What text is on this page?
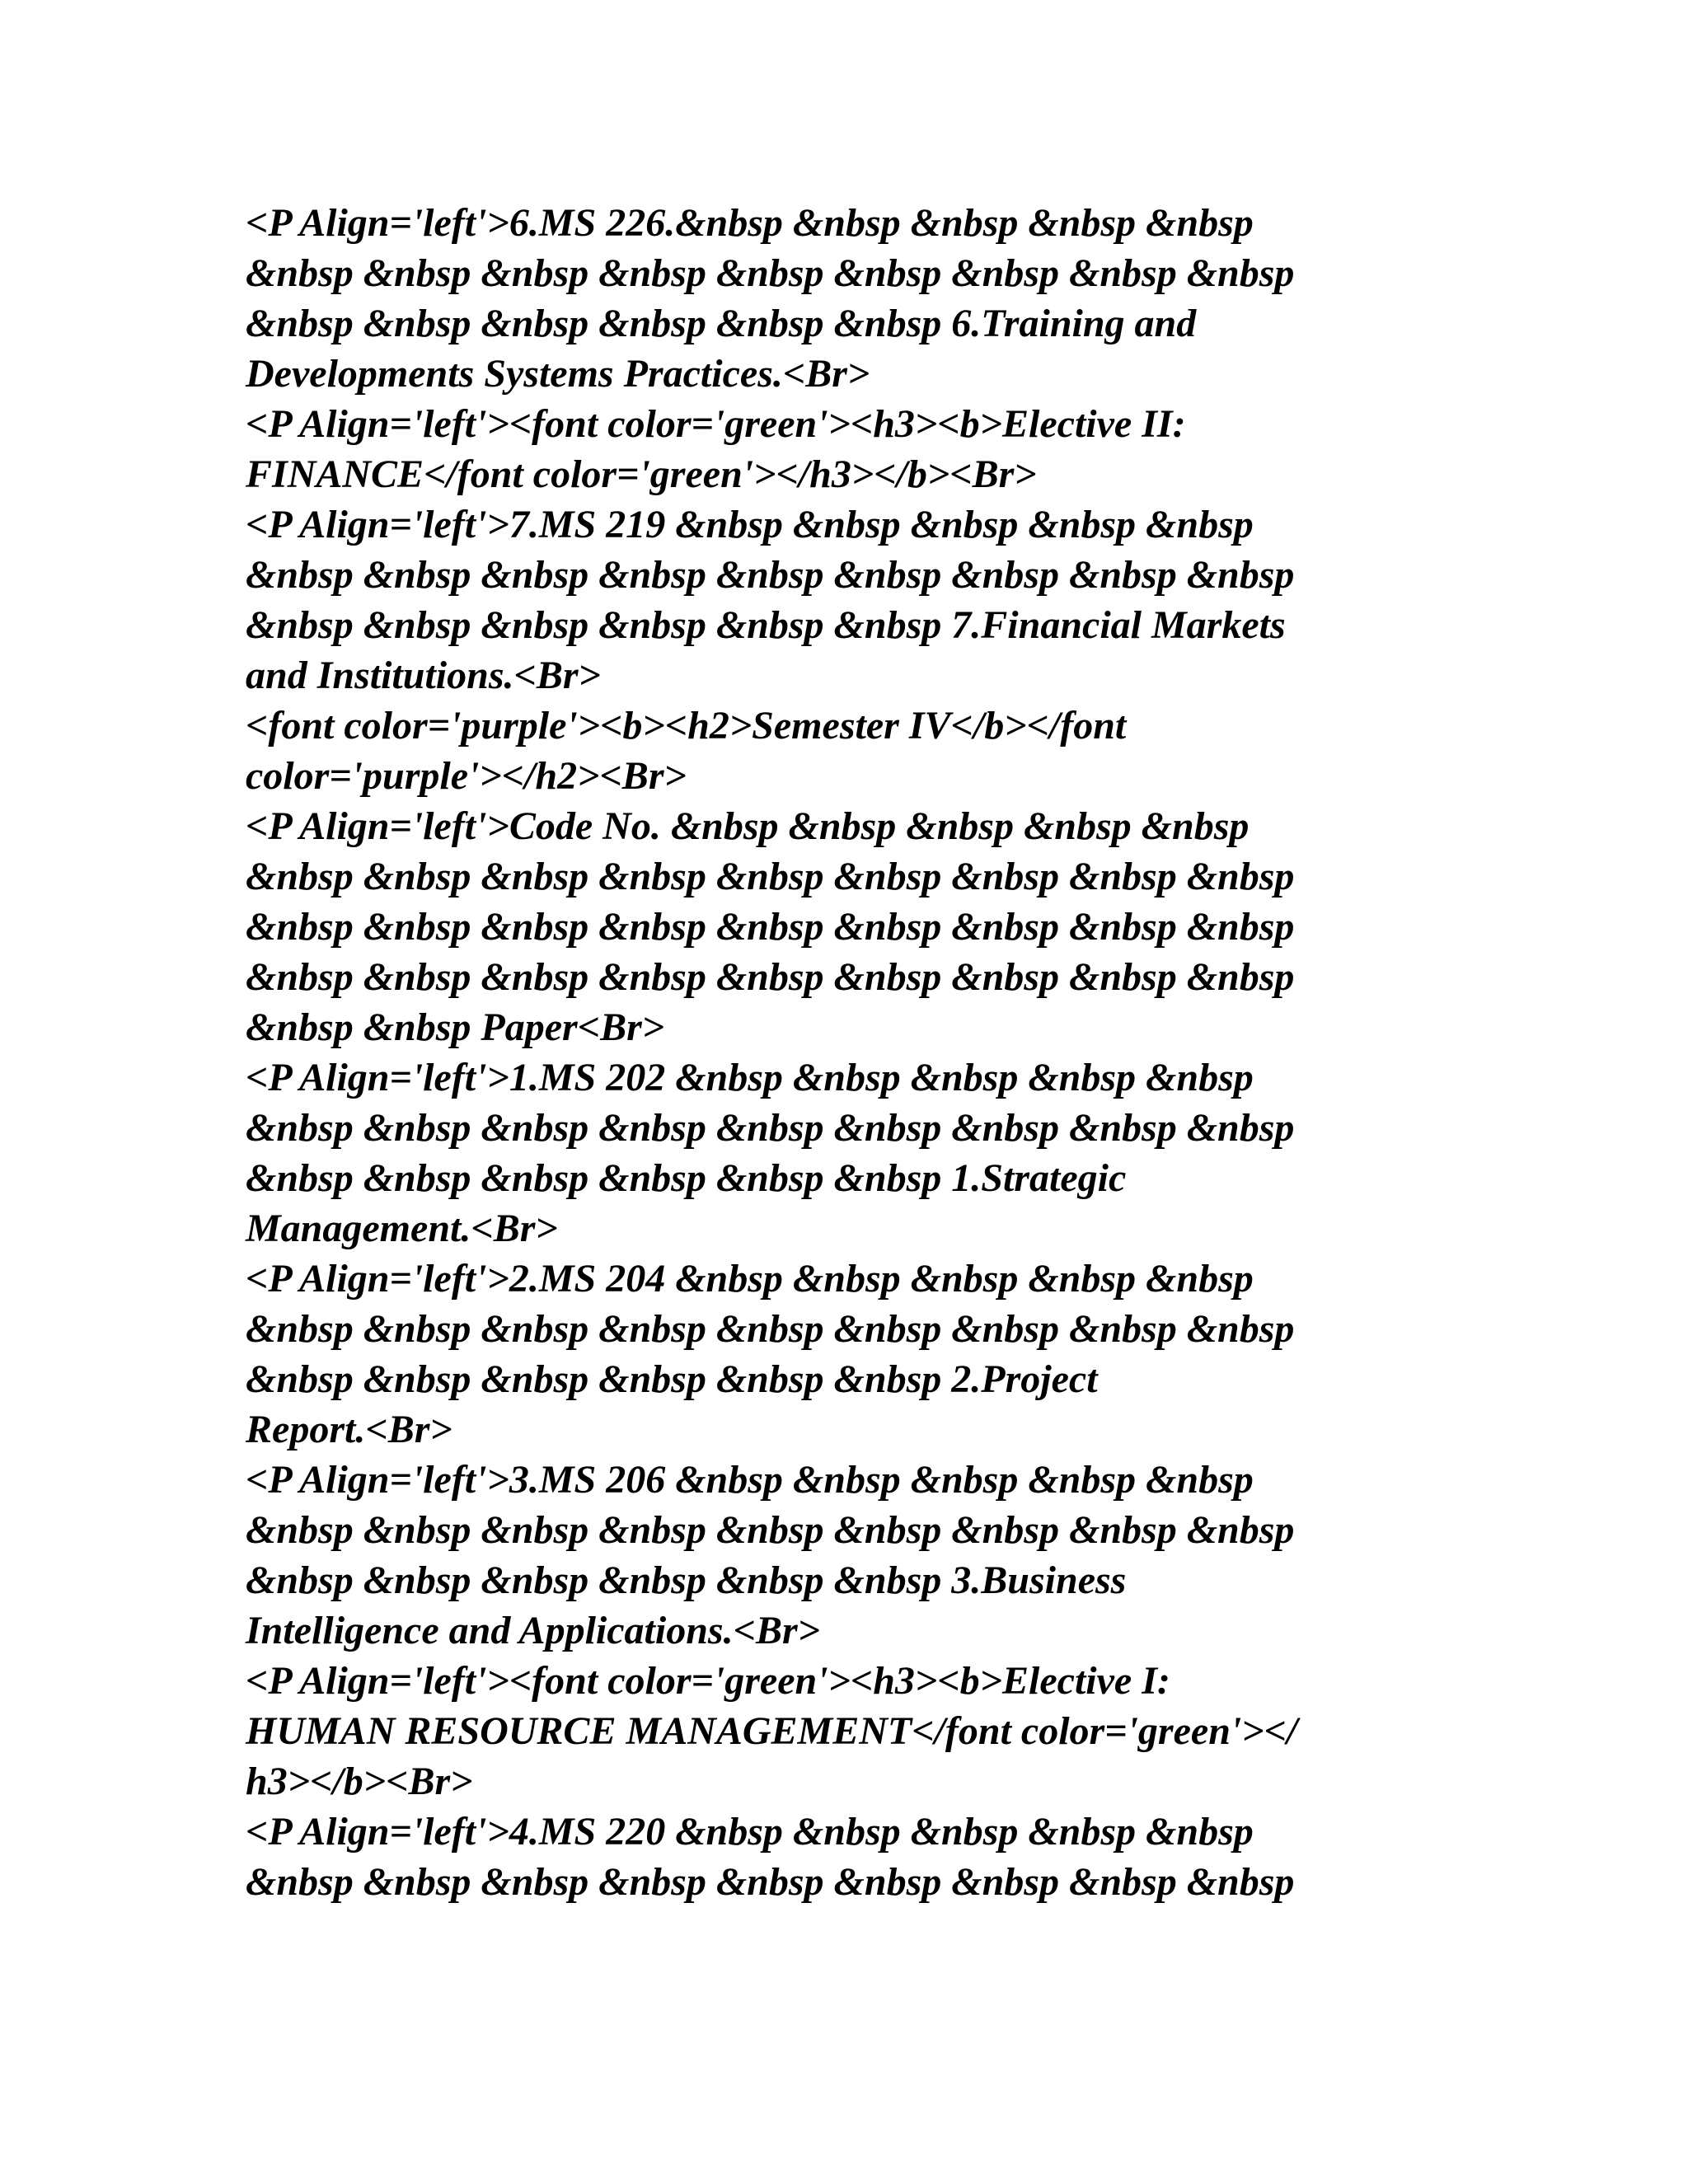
<P Align='left'>6.MS 226.&nbsp &nbsp &nbsp &nbsp &nbsp
&nbsp &nbsp &nbsp &nbsp &nbsp &nbsp &nbsp &nbsp &nbsp
&nbsp &nbsp &nbsp &nbsp &nbsp &nbsp 6.Training and
Developments Systems Practices.<Br>
<P Align='left'><font color='green'><h3><b>Elective II:
FINANCE</font color='green'></h3></b><Br>
<P Align='left'>7.MS 219 &nbsp &nbsp &nbsp &nbsp &nbsp
&nbsp &nbsp &nbsp &nbsp &nbsp &nbsp &nbsp &nbsp &nbsp
&nbsp &nbsp &nbsp &nbsp &nbsp &nbsp 7.Financial Markets
and Institutions.<Br>
<font color='purple'><b><h2>Semester IV</b></font
color='purple'></h2><Br>
<P Align='left'>Code No. &nbsp &nbsp &nbsp &nbsp &nbsp
&nbsp &nbsp &nbsp &nbsp &nbsp &nbsp &nbsp &nbsp &nbsp
&nbsp &nbsp &nbsp &nbsp &nbsp &nbsp &nbsp &nbsp &nbsp
&nbsp &nbsp &nbsp &nbsp &nbsp &nbsp &nbsp &nbsp &nbsp
&nbsp &nbsp Paper<Br>
<P Align='left'>1.MS 202 &nbsp &nbsp &nbsp &nbsp &nbsp
&nbsp &nbsp &nbsp &nbsp &nbsp &nbsp &nbsp &nbsp &nbsp
&nbsp &nbsp &nbsp &nbsp &nbsp &nbsp 1.Strategic
Management.<Br>
<P Align='left'>2.MS 204 &nbsp &nbsp &nbsp &nbsp &nbsp
&nbsp &nbsp &nbsp &nbsp &nbsp &nbsp &nbsp &nbsp &nbsp
&nbsp &nbsp &nbsp &nbsp &nbsp &nbsp 2.Project
Report.<Br>
<P Align='left'>3.MS 206 &nbsp &nbsp &nbsp &nbsp &nbsp
&nbsp &nbsp &nbsp &nbsp &nbsp &nbsp &nbsp &nbsp &nbsp
&nbsp &nbsp &nbsp &nbsp &nbsp &nbsp 3.Business
Intelligence and Applications.<Br>
<P Align='left'><font color='green'><h3><b>Elective I:
HUMAN RESOURCE MANAGEMENT</font color='green'></
h3></b><Br>
<P Align='left'>4.MS 220 &nbsp &nbsp &nbsp &nbsp &nbsp
&nbsp &nbsp &nbsp &nbsp &nbsp &nbsp &nbsp &nbsp &nbsp
